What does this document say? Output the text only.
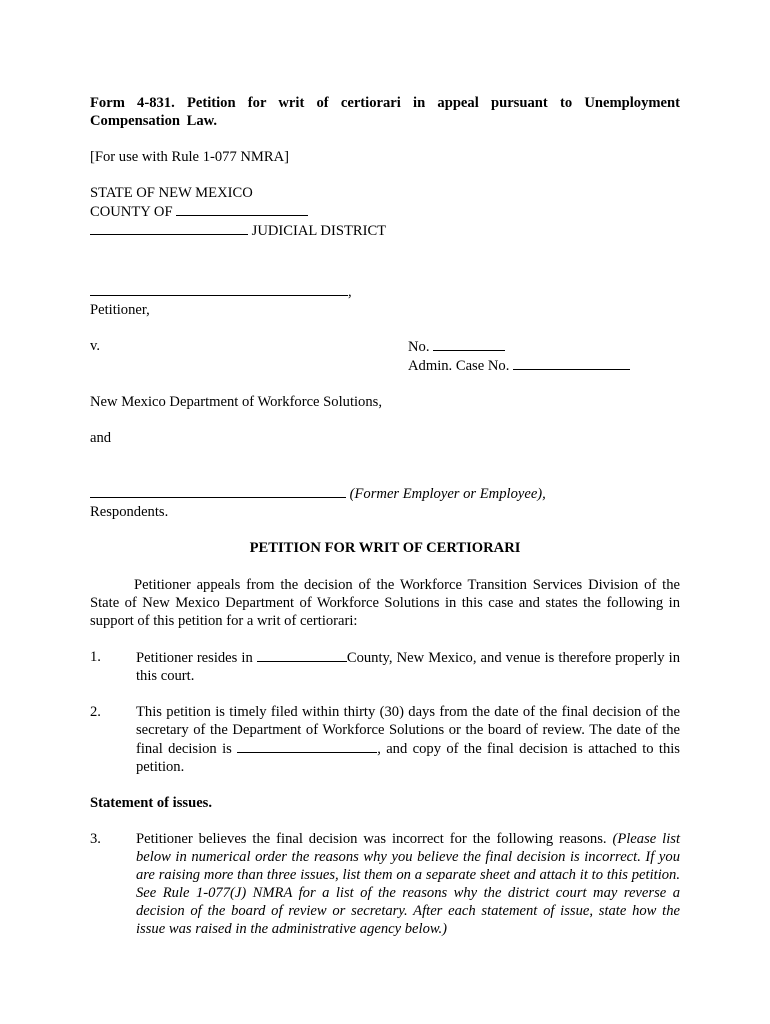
Form 4-831. Petition for writ of certiorari in appeal pursuant to Unemployment Compensation Law.

[For use with Rule 1-077 NMRA]

STATE OF NEW MEXICO

COUNTY OF

JUDICIAL DISTRICT

,

Petitioner,

v.	No.
Admin. Case No.

New Mexico Department of Workforce Solutions,

and

(Former Employer or Employee),

Respondents.

PETITION FOR WRIT OF CERTIORARI

Petitioner appeals from the decision of the Workforce Transition Services Division of the State of New Mexico Department of Workforce Solutions in this case and states the following in support of this petition for a writ of certiorari:

1.	Petitioner resides in	County, New Mexico, and venue is therefore properly in this court.
2.	This petition is timely filed within thirty (30) days from the date of the final decision of the secretary of the Department of Workforce Solutions or the board of review. The date of the final decision is	, and copy of the final decision is attached to this petition.

Statement of issues.

3.	Petitioner believes the final decision was incorrect for the following reasons. (Please list below in numerical order the reasons why you believe the final decision is incorrect. If you are raising more than three issues, list them on a separate sheet and attach it to this petition. See Rule 1-077(J) NMRA for a list of the reasons why the district court may reverse a decision of the board of review or secretary. After each statement of issue, state how the issue was raised in the administrative agency below.)
